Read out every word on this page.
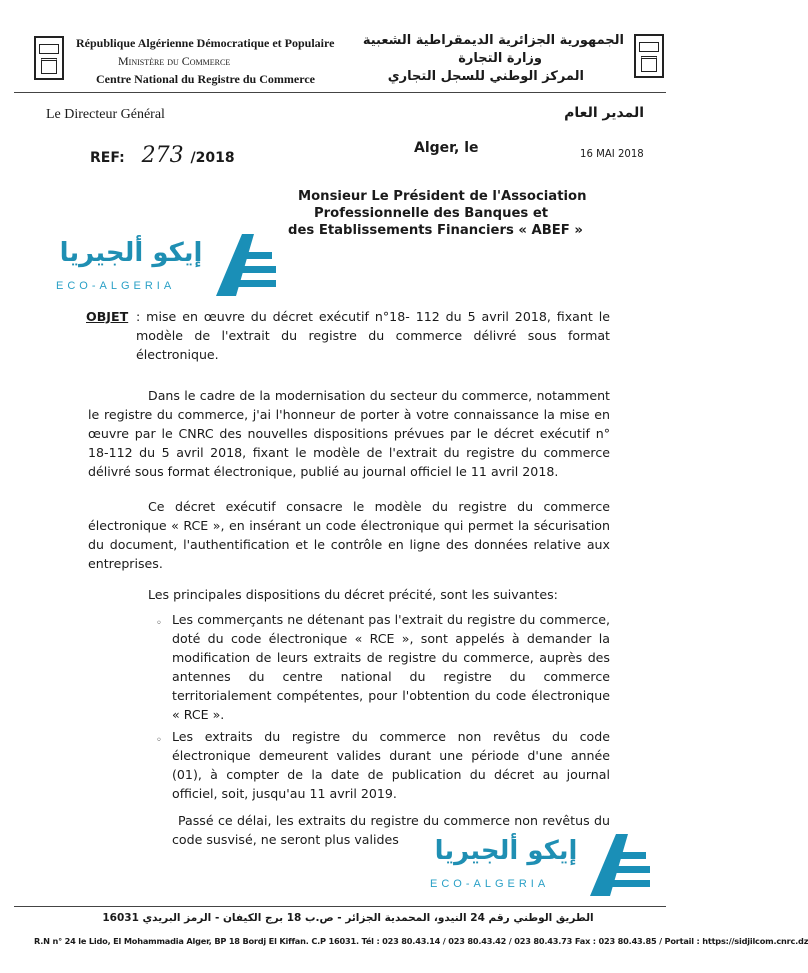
République Algérienne Démocratique et Populaire
Ministère du Commerce
Centre National du Registre du Commerce
الجمهورية الجزائرية الديمقراطية الشعبية
وزارة التجارة
المركز الوطني للسجل التجاري
Le Directeur Général	المدير العام
REF: 273 /2018
Alger, le	16 MAI 2018
Monsieur Le Président de l'Association
Professionnelle des Banques et
des Etablissements Financiers « ABEF »
إيكو ألجيريا
ECO-ALGERIA
OBJET : mise en œuvre du décret exécutif n°18- 112 du 5 avril 2018, fixant le modèle de l'extrait du registre du commerce délivré sous format électronique.
Dans le cadre de la modernisation du secteur du commerce, notamment le registre du commerce, j'ai l'honneur de porter à votre connaissance la mise en œuvre par le CNRC des nouvelles dispositions prévues par le décret exécutif n° 18-112 du 5 avril 2018, fixant le modèle de l'extrait du registre du commerce délivré sous format électronique, publié au journal officiel le 11 avril 2018.
Ce décret exécutif consacre le modèle du registre du commerce électronique « RCE », en insérant un code électronique qui permet la sécurisation du document, l'authentification et le contrôle en ligne des données relative aux entreprises.
Les principales dispositions du décret précité, sont les suivantes:
◦ Les commerçants ne détenant pas l'extrait du registre du commerce, doté du code électronique « RCE », sont appelés à demander la modification de leurs extraits de registre du commerce, auprès des antennes du centre national du registre du commerce territorialement compétentes, pour l'obtention du code électronique « RCE ».
◦ Les extraits du registre du commerce non revêtus du code électronique demeurent valides durant une période d'une année (01), à compter de la date de publication du décret au journal officiel, soit, jusqu'au 11 avril 2019.
Passé ce délai, les extraits du registre du commerce non revêtus du code susvisé, ne seront plus valides	إيكو ألجيريا
ECO-ALGERIA
الطريق الوطني رقم 24 النيدو، المحمدية الجزائر - ص.ب 18 برج الكيفان - الرمز البريدي 16031
R.N n° 24 le Lido, El Mohammadia Alger, BP 18 Bordj El Kiffan. C.P 16031. Tél : 023 80.43.14 / 023 80.43.42 / 023 80.43.73 Fax : 023 80.43.85 / Portail : https://sidjilcom.cnrc.dz
